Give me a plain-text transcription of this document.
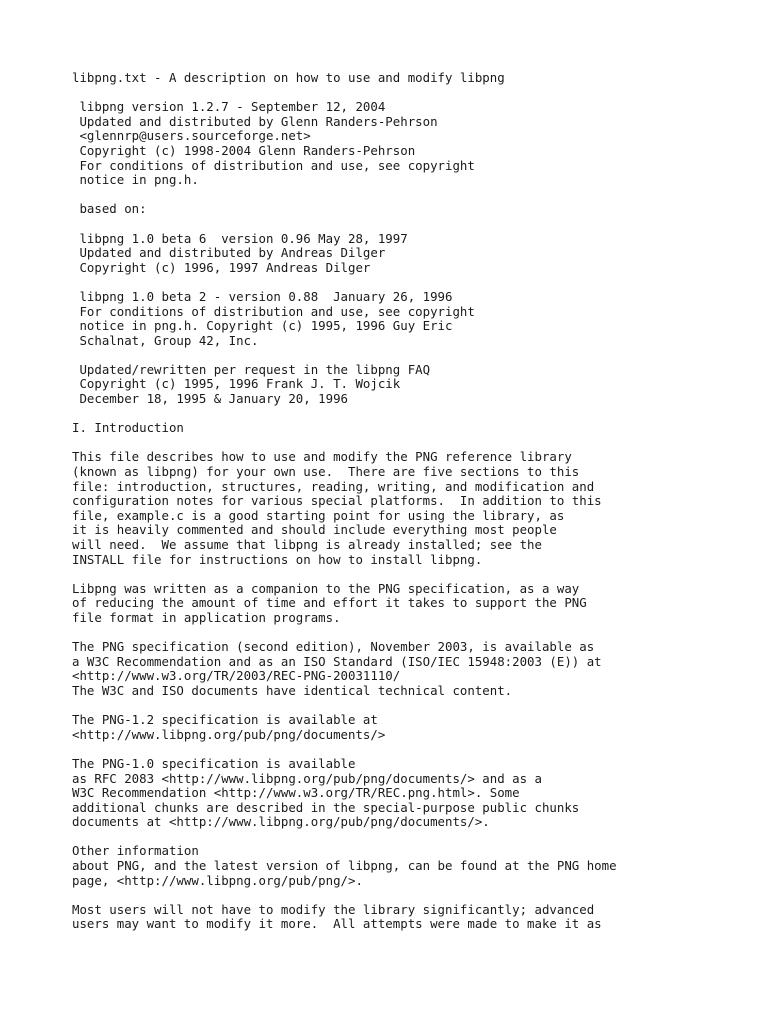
libpng.txt - A description on how to use and modify libpng
libpng version 1.2.7 - September 12, 2004
Updated and distributed by Glenn Randers-Pehrson
<glennrp@users.sourceforge.net>
Copyright (c) 1998-2004 Glenn Randers-Pehrson
For conditions of distribution and use, see copyright
notice in png.h.
based on:
libpng 1.0 beta 6  version 0.96 May 28, 1997
Updated and distributed by Andreas Dilger
Copyright (c) 1996, 1997 Andreas Dilger
libpng 1.0 beta 2 - version 0.88  January 26, 1996
For conditions of distribution and use, see copyright
notice in png.h. Copyright (c) 1995, 1996 Guy Eric
Schalnat, Group 42, Inc.
Updated/rewritten per request in the libpng FAQ
Copyright (c) 1995, 1996 Frank J. T. Wojcik
December 18, 1995 & January 20, 1996
I. Introduction
This file describes how to use and modify the PNG reference library
(known as libpng) for your own use.  There are five sections to this
file: introduction, structures, reading, writing, and modification and
configuration notes for various special platforms.  In addition to this
file, example.c is a good starting point for using the library, as
it is heavily commented and should include everything most people
will need.  We assume that libpng is already installed; see the
INSTALL file for instructions on how to install libpng.
Libpng was written as a companion to the PNG specification, as a way
of reducing the amount of time and effort it takes to support the PNG
file format in application programs.
The PNG specification (second edition), November 2003, is available as
a W3C Recommendation and as an ISO Standard (ISO/IEC 15948:2003 (E)) at
<http://www.w3.org/TR/2003/REC-PNG-20031110/
The W3C and ISO documents have identical technical content.
The PNG-1.2 specification is available at
<http://www.libpng.org/pub/png/documents/>
The PNG-1.0 specification is available
as RFC 2083 <http://www.libpng.org/pub/png/documents/> and as a
W3C Recommendation <http://www.w3.org/TR/REC.png.html>. Some
additional chunks are described in the special-purpose public chunks
documents at <http://www.libpng.org/pub/png/documents/>.
Other information
about PNG, and the latest version of libpng, can be found at the PNG home
page, <http://www.libpng.org/pub/png/>.
Most users will not have to modify the library significantly; advanced
users may want to modify it more.  All attempts were made to make it as
